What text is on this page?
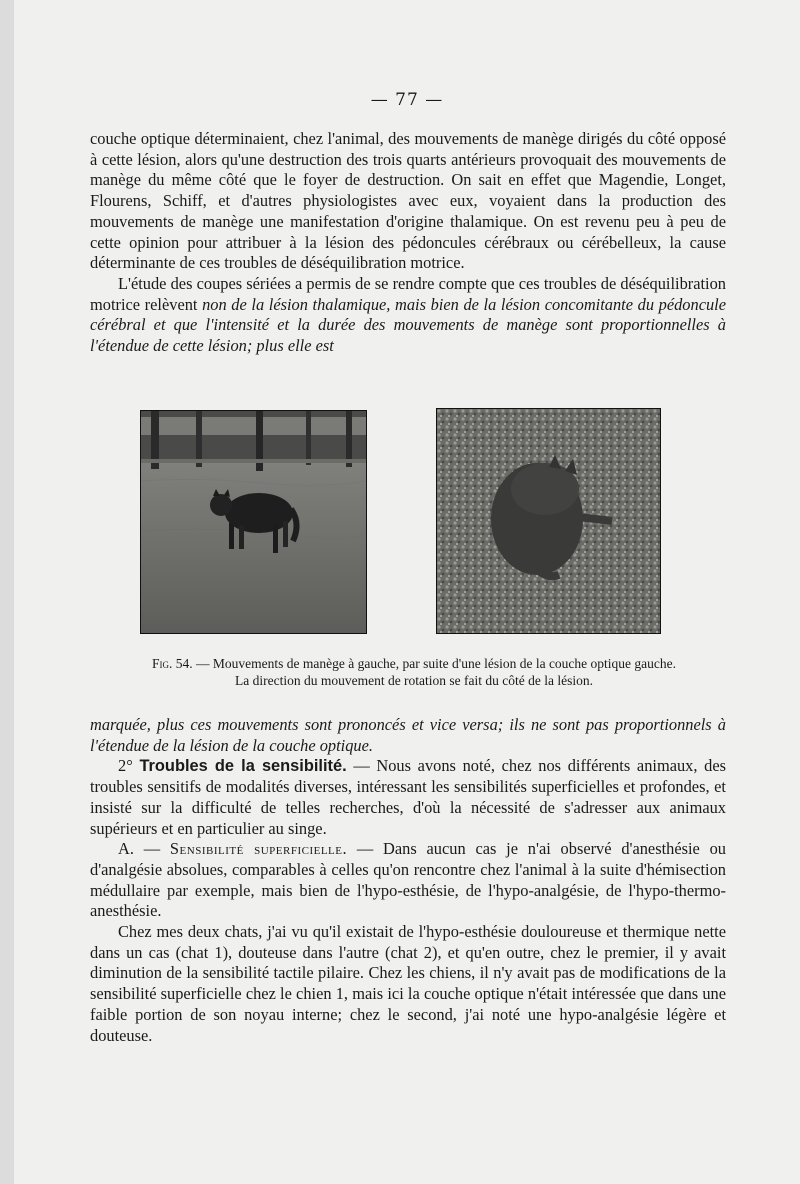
— 77 —

couche optique déterminaient, chez l'animal, des mouvements de manège dirigés du côté opposé à cette lésion, alors qu'une destruction des trois quarts antérieurs provoquait des mouvements de manège du même côté que le foyer de destruction. On sait en effet que Magendie, Longet, Flourens, Schiff, et d'autres physiologistes avec eux, voyaient dans la production des mouvements de manège une manifestation d'origine thalamique. On est revenu peu à peu de cette opinion pour attribuer à la lésion des pédoncules cérébraux ou cérébelleux, la cause déterminante de ces troubles de déséquilibration motrice.

L'étude des coupes sériées a permis de se rendre compte que ces troubles de déséquilibration motrice relèvent non de la lésion thalamique, mais bien de la lésion concomitante du pédoncule cérébral et que l'intensité et la durée des mouvements de manège sont proportionnelles à l'étendue de cette lésion; plus elle est

Fig. 54. — Mouvements de manège à gauche, par suite d'une lésion de la couche optique gauche.
La direction du mouvement de rotation se fait du côté de la lésion.

marquée, plus ces mouvements sont prononcés et vice versa; ils ne sont pas proportionnels à l'étendue de la lésion de la couche optique.

2° Troubles de la sensibilité. — Nous avons noté, chez nos différents animaux, des troubles sensitifs de modalités diverses, intéressant les sensibilités superficielles et profondes, et insisté sur la difficulté de telles recherches, d'où la nécessité de s'adresser aux animaux supérieurs et en particulier au singe.

A. — Sensibilité superficielle. — Dans aucun cas je n'ai observé d'anesthésie ou d'analgésie absolues, comparables à celles qu'on rencontre chez l'animal à la suite d'hémisection médullaire par exemple, mais bien de l'hypo-esthésie, de l'hypo-analgésie, de l'hypo-thermo-anesthésie.

Chez mes deux chats, j'ai vu qu'il existait de l'hypo-esthésie douloureuse et thermique nette dans un cas (chat 1), douteuse dans l'autre (chat 2), et qu'en outre, chez le premier, il y avait diminution de la sensibilité tactile pilaire. Chez les chiens, il n'y avait pas de modifications de la sensibilité superficielle chez le chien 1, mais ici la couche optique n'était intéressée que dans une faible portion de son noyau interne; chez le second, j'ai noté une hypo-analgésie légère et douteuse.
